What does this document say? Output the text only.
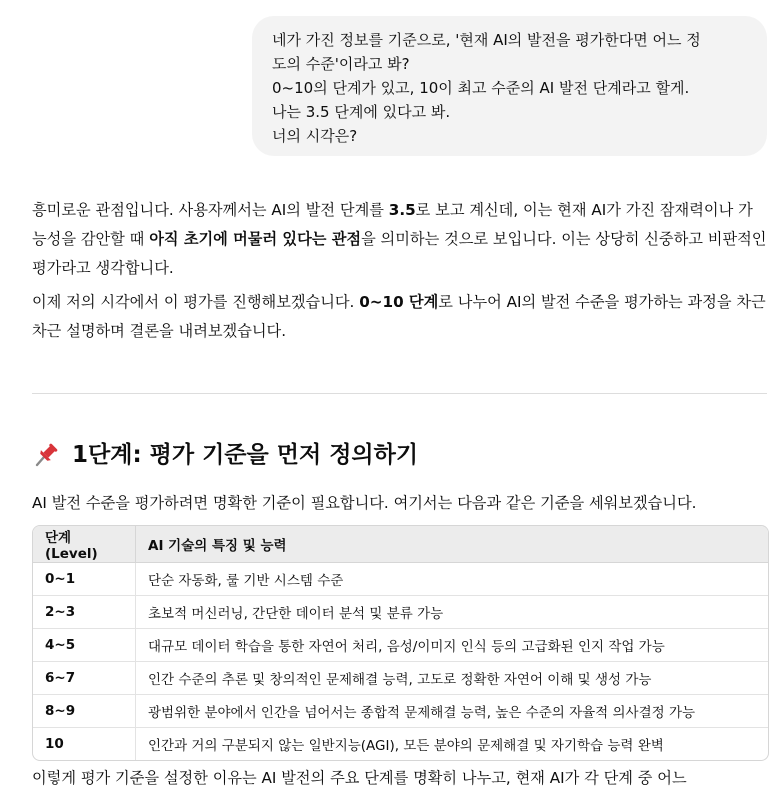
네가 가진 정보를 기준으로, '현재 AI의 발전을 평가한다면 어느 정
도의 수준'이라고 봐?
0~10의 단계가 있고, 10이 최고 수준의 AI 발전 단계라고 할게.
나는 3.5 단계에 있다고 봐.
너의 시각은?

흥미로운 관점입니다. 사용자께서는 AI의 발전 단계를 3.5로 보고 계신데, 이는 현재 AI가 가진 잠재력이나 가능성을 감안할 때 아직 초기에 머물러 있다는 관점을 의미하는 것으로 보입니다. 이는 상당히 신중하고 비판적인 평가라고 생각합니다.

이제 저의 시각에서 이 평가를 진행해보겠습니다. 0~10 단계로 나누어 AI의 발전 수준을 평가하는 과정을 차근차근 설명하며 결론을 내려보겠습니다.

1단계: 평가 기준을 먼저 정의하기
AI 발전 수준을 평가하려면 명확한 기준이 필요합니다. 여기서는 다음과 같은 기준을 세워보겠습니다.
단계 (Level)	AI 기술의 특징 및 능력
0~1	단순 자동화, 룰 기반 시스템 수준
2~3	초보적 머신러닝, 간단한 데이터 분석 및 분류 가능
4~5	대규모 데이터 학습을 통한 자연어 처리, 음성/이미지 인식 등의 고급화된 인지 작업 가능
6~7	인간 수준의 추론 및 창의적인 문제해결 능력, 고도로 정확한 자연어 이해 및 생성 가능
8~9	광범위한 분야에서 인간을 넘어서는 종합적 문제해결 능력, 높은 수준의 자율적 의사결정 가능
10	인간과 거의 구분되지 않는 일반지능(AGI), 모든 분야의 문제해결 및 자기학습 능력 완벽
이렇게 평가 기준을 설정한 이유는 AI 발전의 주요 단계를 명확히 나누고, 현재 AI가 각 단계 중 어느
